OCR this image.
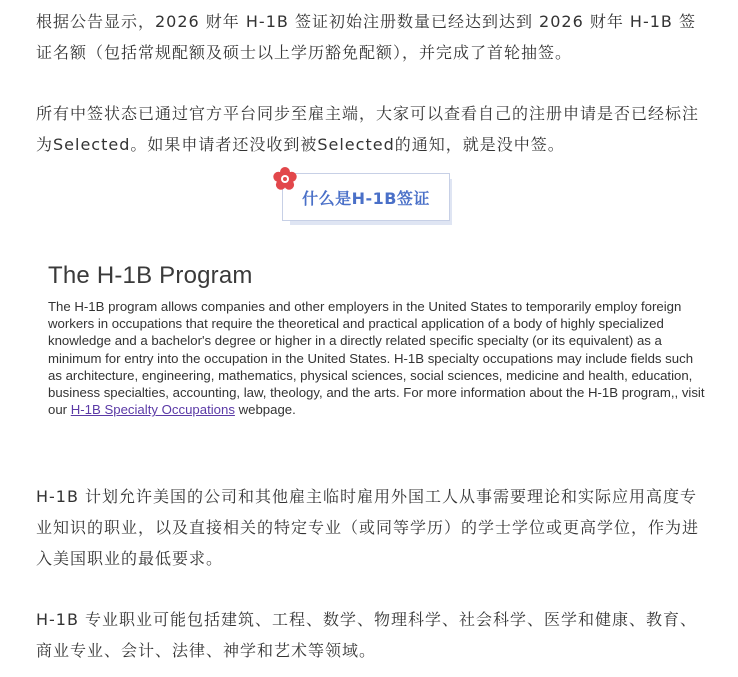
根据公告显示，2026 财年 H-1B 签证初始注册数量已经达到达到 2026 财年 H-1B 签证名额（包括常规配额及硕士以上学历豁免配额），并完成了首轮抽签。

所有中签状态已通过官方平台同步至雇主端，大家可以查看自己的注册申请是否已经标注为Selected。如果申请者还没收到被Selected的通知，就是没中签。

什么是H-1B签证
The H-1B Program

The H-1B program allows companies and other employers in the United States to temporarily employ foreign workers in occupations that require the theoretical and practical application of a body of highly specialized knowledge and a bachelor's degree or higher in a directly related specific specialty (or its equivalent) as a minimum for entry into the occupation in the United States. H-1B specialty occupations may include fields such as architecture, engineering, mathematics, physical sciences, social sciences, medicine and health, education, business specialties, accounting, law, theology, and the arts. For more information about the H-1B program,, visit our H-1B Specialty Occupations webpage.

H-1B 计划允许美国的公司和其他雇主临时雇用外国工人从事需要理论和实际应用高度专业知识的职业，以及直接相关的特定专业（或同等学历）的学士学位或更高学位，作为进入美国职业的最低要求。

H-1B 专业职业可能包括建筑、工程、数学、物理科学、社会科学、医学和健康、教育、商业专业、会计、法律、神学和艺术等领域。
